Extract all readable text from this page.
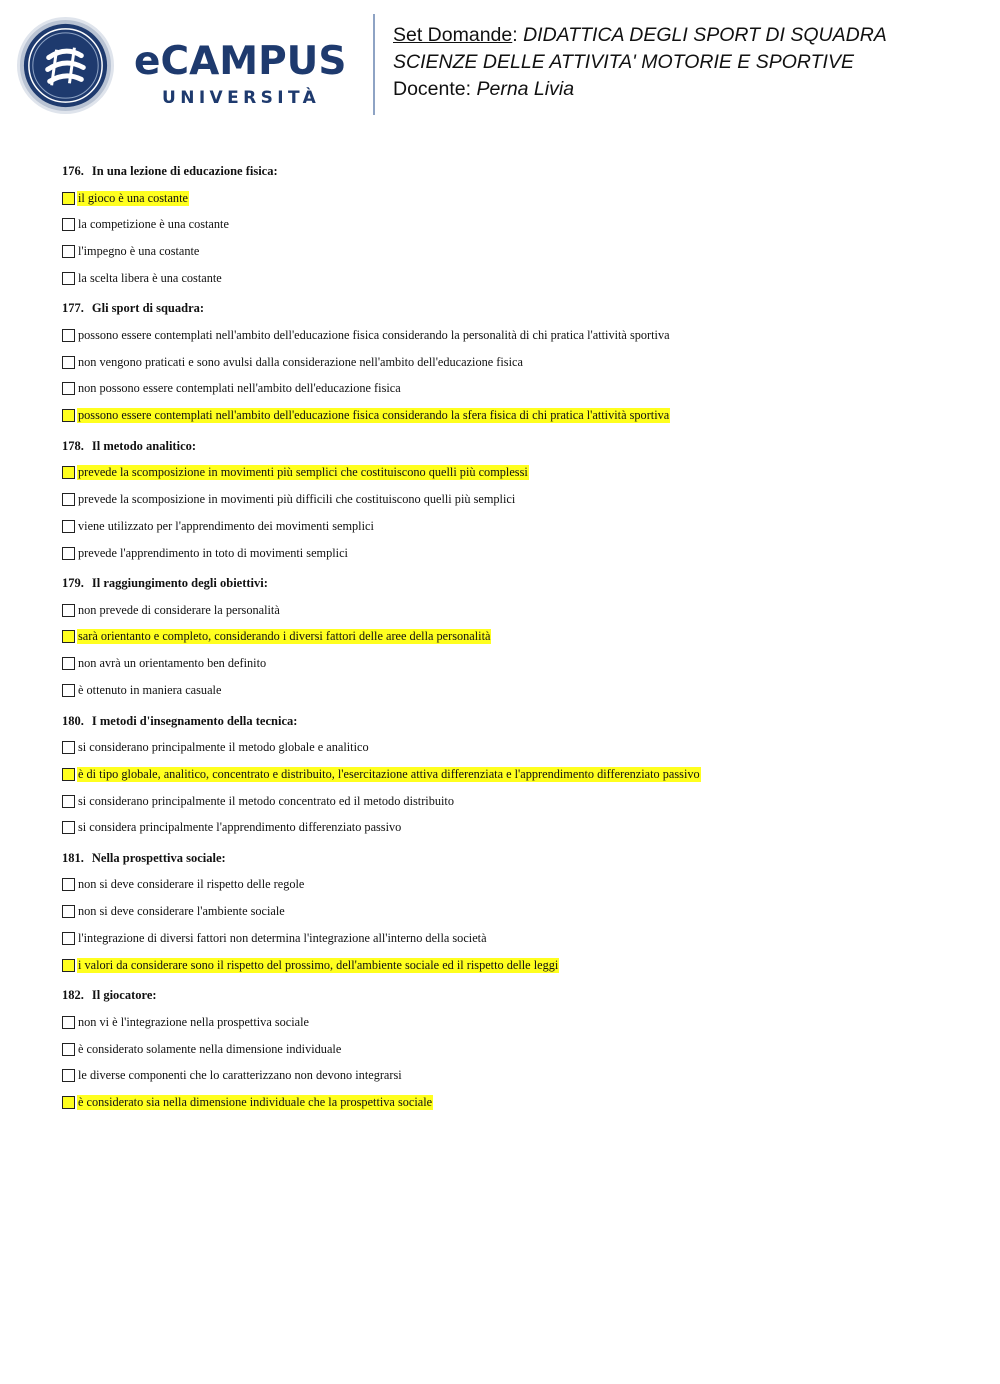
eCAMPUS
UNIVERSITÀ
Set Domande: DIDATTICA DEGLI SPORT DI SQUADRA
SCIENZE DELLE ATTIVITA' MOTORIE E SPORTIVE
Docente: Perna Livia
176. In una lezione di educazione fisica:
il gioco è una costante
la competizione è una costante
l'impegno è una costante
la scelta libera è una costante
177. Gli sport di squadra:
possono essere contemplati nell'ambito dell'educazione fisica considerando la personalità di chi pratica l'attività sportiva
non vengono praticati e sono avulsi dalla considerazione nell'ambito dell'educazione fisica
non possono essere contemplati nell'ambito dell'educazione fisica
possono essere contemplati nell'ambito dell'educazione fisica considerando la sfera fisica di chi pratica l'attività sportiva
178. Il metodo analitico:
prevede la scomposizione in movimenti più semplici che costituiscono quelli più complessi
prevede la scomposizione in movimenti più difficili che costituiscono quelli più semplici
viene utilizzato per l'apprendimento dei movimenti semplici
prevede l'apprendimento in toto di movimenti semplici
179. Il raggiungimento degli obiettivi:
non prevede di considerare la personalità
sarà orientanto e completo, considerando i diversi fattori delle aree della personalità
non avrà un orientamento ben definito
è ottenuto in maniera casuale
180. I metodi d'insegnamento della tecnica:
si considerano principalmente il metodo globale e analitico
è di tipo globale, analitico, concentrato e distribuito, l'esercitazione attiva differenziata e l'apprendimento differenziato passivo
si considerano principalmente il metodo concentrato ed il metodo distribuito
si considera principalmente l'apprendimento differenziato passivo
181. Nella prospettiva sociale:
non si deve considerare il rispetto delle regole
non si deve considerare l'ambiente sociale
l'integrazione di diversi fattori non determina l'integrazione all'interno della società
i valori da considerare sono il rispetto del prossimo, dell'ambiente sociale ed il rispetto delle leggi
182. Il giocatore:
non vi è l'integrazione nella prospettiva sociale
è considerato solamente nella dimensione individuale
le diverse componenti che lo caratterizzano non devono integrarsi
è considerato sia nella dimensione individuale che la prospettiva sociale
